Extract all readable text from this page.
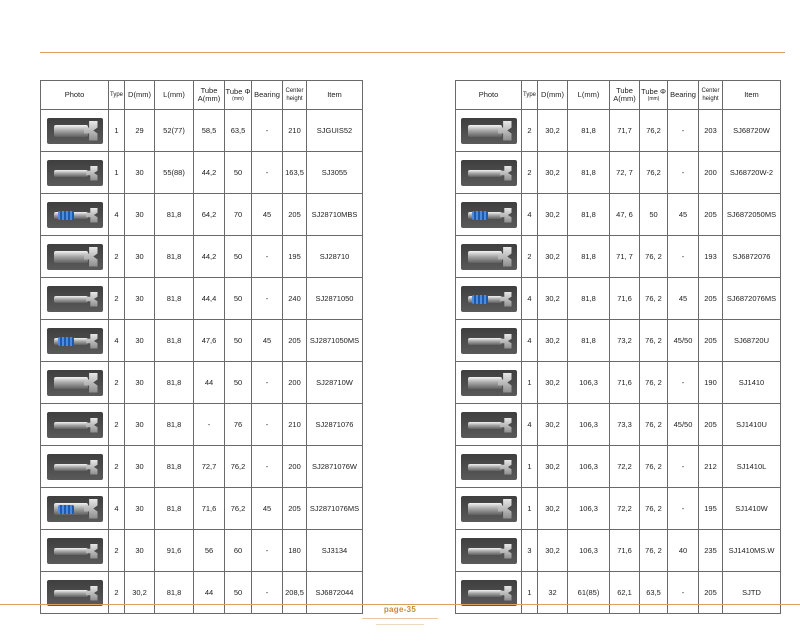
Photo	Type	D(mm)	L(mm)	Tube A(mm)	Tube Φ
(mm)	Bearing	Center height	Item

	1	29	52(77)	58,5	63,5	-	210	SJGUIS52

	1	30	55(88)	44,2	50	-	163,5	SJ3055

	4	30	81,8	64,2	70	45	205	SJ28710MBS

	2	30	81,8	44,2	50	-	195	SJ28710

	2	30	81,8	44,4	50	-	240	SJ2871050

	4	30	81,8	47,6	50	45	205	SJ2871050MS

	2	30	81,8	44	50	-	200	SJ28710W

	2	30	81,8	-	76	-	210	SJ2871076

	2	30	81,8	72,7	76,2	-	200	SJ2871076W

	4	30	81,8	71,6	76,2	45	205	SJ2871076MS

	2	30	91,6	56	60	-	180	SJ3134

	2	30,2	81,8	44	50	-	208,5	SJ6872044
Photo	Type	D(mm)	L(mm)	Tube A(mm)	Tube Φ
(mm)	Bearing	Center height	Item

	2	30,2	81,8	71,7	76,2	-	203	SJ68720W

	2	30,2	81,8	72, 7	76,2	-	200	SJ68720W-2

	4	30,2	81,8	47, 6	50	45	205	SJ6872050MS

	2	30,2	81,8	71, 7	76, 2	-	193	SJ6872076

	4	30,2	81,8	71,6	76, 2	45	205	SJ6872076MS

	4	30,2	81,8	73,2	76, 2	45/50	205	SJ68720U

	1	30,2	106,3	71,6	76, 2	-	190	SJ1410

	4	30,2	106,3	73,3	76, 2	45/50	205	SJ1410U

	1	30,2	106,3	72,2	76, 2	-	212	SJ1410L

	1	30,2	106,3	72,2	76, 2	-	195	SJ1410W

	3	30,2	106,3	71,6	76, 2	40	235	SJ1410MS.W

	1	32	61(85)	62,1	63,5	-	205	SJTD
page-35
